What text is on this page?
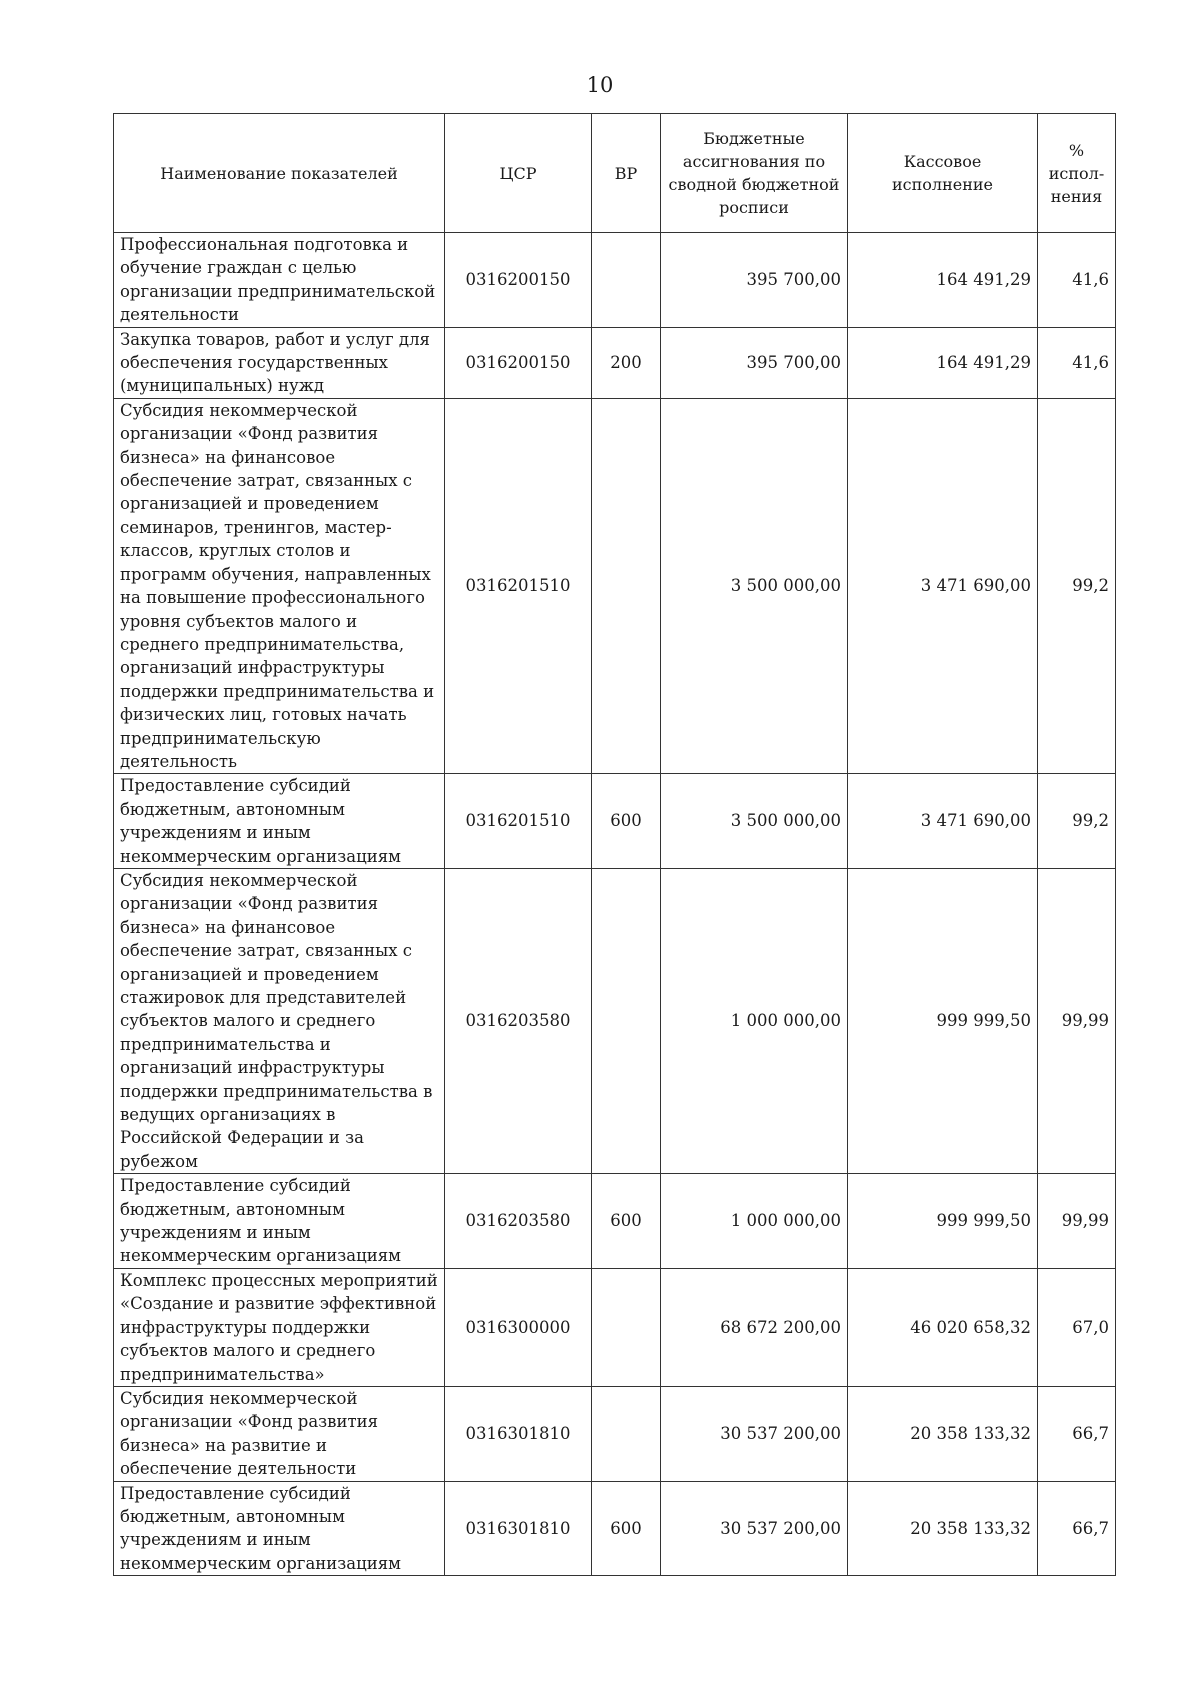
10
Наименование показателей	ЦСР	ВР	Бюджетные ассигнования по сводной бюджетной росписи	Кассовое исполнение	% испол-нения
Профессиональная подготовка и обучение граждан с целью организации предпринимательской деятельности	0316200150		395 700,00	164 491,29	41,6
Закупка товаров, работ и услуг для обеспечения государственных (муниципальных) нужд	0316200150	200	395 700,00	164 491,29	41,6
Субсидия некоммерческой организации «Фонд развития бизнеса» на финансовое обеспечение затрат, связанных с организацией и проведением семинаров, тренингов, мастер-классов, круглых столов и программ обучения, направленных на повышение профессионального уровня субъектов малого и среднего предпринимательства, организаций инфраструктуры поддержки предпринимательства и физических лиц, готовых начать предпринимательскую деятельность	0316201510		3 500 000,00	3 471 690,00	99,2
Предоставление субсидий бюджетным, автономным учреждениям и иным некоммерческим организациям	0316201510	600	3 500 000,00	3 471 690,00	99,2
Субсидия некоммерческой организации «Фонд развития бизнеса» на финансовое обеспечение затрат, связанных с организацией и проведением стажировок для представителей субъектов малого и среднего предпринимательства и организаций инфраструктуры поддержки предпринимательства в ведущих организациях в Российской Федерации и за рубежом	0316203580		1 000 000,00	999 999,50	99,99
Предоставление субсидий бюджетным, автономным учреждениям и иным некоммерческим организациям	0316203580	600	1 000 000,00	999 999,50	99,99
Комплекс процессных мероприятий «Создание и развитие эффективной инфраструктуры поддержки субъектов малого и среднего предпринимательства»	0316300000		68 672 200,00	46 020 658,32	67,0
Субсидия некоммерческой организации «Фонд развития бизнеса» на развитие и обеспечение деятельности	0316301810		30 537 200,00	20 358 133,32	66,7
Предоставление субсидий бюджетным, автономным учреждениям и иным некоммерческим организациям	0316301810	600	30 537 200,00	20 358 133,32	66,7
